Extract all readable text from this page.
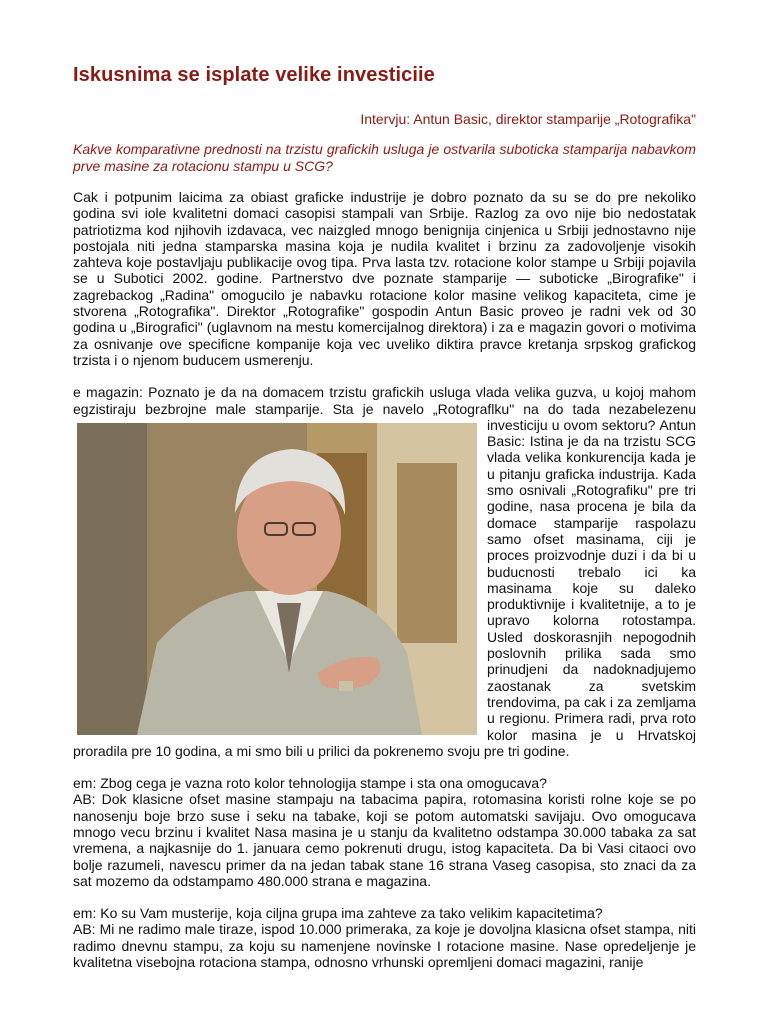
Iskusnima se isplate velike investiciie
Intervju: Antun Basic, direktor stamparije „Rotografika"

Kakve komparativne prednosti na trzistu grafickih usluga je ostvarila suboticka stamparija nabavkom prve masine za rotacionu stampu u SCG?

Cak i potpunim laicima za obiast graficke industrije je dobro poznato da su se do pre nekoliko godina svi iole kvalitetni domaci casopisi stampali van Srbije. Razlog za ovo nije bio nedostatak patriotizma kod njihovih izdavaca, vec naizgled mnogo benignija cinjenica u Srbiji jednostavno nije postojala niti jedna stamparska masina koja je nudila kvalitet i brzinu za zadovoljenje visokih zahteva koje postavljaju publikacije ovog tipa. Prva lasta tzv. rotacione kolor stampe u Srbiji pojavila se u Subotici 2002. godine. Partnerstvo dve poznate stamparije — suboticke „Birografike" i zagrebackog „Radina" omogucilo je nabavku rotacione kolor masine velikog kapaciteta, cime je stvorena „Rotografika". Direktor „Rotografike" gospodin Antun Basic proveo je radni vek od 30 godina u „Birografici" (uglavnom na mestu komercijalnog direktora) i za e magazin govori o motivima za osnivanje ove specificne kompanije koja vec uveliko diktira pravce kretanja srpskog grafickog trzista i o njenom buducem usmerenju.

e magazin: Poznato je da na domacem trzistu grafickih usluga vlada velika guzva, u kojoj mahom egzistiraju bezbrojne male stamparije. Sta je navelo „Rotograflku" na do tada nezabelezenu investiciju u ovom sektoru? Antun Basic: Istina je da na trzistu SCG vlada velika konkurencija kada je u pitanju graficka industrija. Kada smo osnivali „Rotografiku" pre tri godine, nasa procena je bila da domace stamparije raspolazu samo ofset masinama, ciji je proces proizvodnje duzi i da bi u buducnosti trebalo ici ka masinama koje su daleko produktivnije i kvalitetnije, a to je upravo kolorna rotostampa. Usled doskorasnjih nepogodnih poslovnih prilika sada smo prinudjeni da nadoknadjujemo zaostanak za svetskim trendovima, pa cak i za zemljama u regionu. Primera radi, prva roto kolor masina je u Hrvatskoj proradila pre 10 godina, a mi smo bili u prilici da pokrenemo svoju pre tri godine.

em: Zbog cega je vazna roto kolor tehnologija stampe i sta ona omogucava?
AB: Dok klasicne ofset masine stampaju na tabacima papira, rotomasina koristi rolne koje se po nanosenju boje brzo suse i seku na tabake, koji se potom automatski savijaju. Ovo omogucava mnogo vecu brzinu i kvalitet Nasa masina je u stanju da kvalitetno odstampa 30.000 tabaka za sat vremena, a najkasnije do 1. januara cemo pokrenuti drugu, istog kapaciteta. Da bi Vasi citaoci ovo bolje razumeli, navescu primer da na jedan tabak stane 16 strana Vaseg casopisa, sto znaci da za sat mozemo da odstampamo 480.000 strana e magazina.

em: Ko su Vam musterije, koja ciljna grupa ima zahteve za tako velikim kapacitetima?
AB: Mi ne radimo male tiraze, ispod 10.000 primeraka, za koje je dovoljna klasicna ofset stampa, niti radimo dnevnu stampu, za koju su namenjene novinske I rotacione masine. Nase opredeljenje je kvalitetna visebojna rotaciona stampa, odnosno vrhunski opremljeni domaci magazini, ranije
